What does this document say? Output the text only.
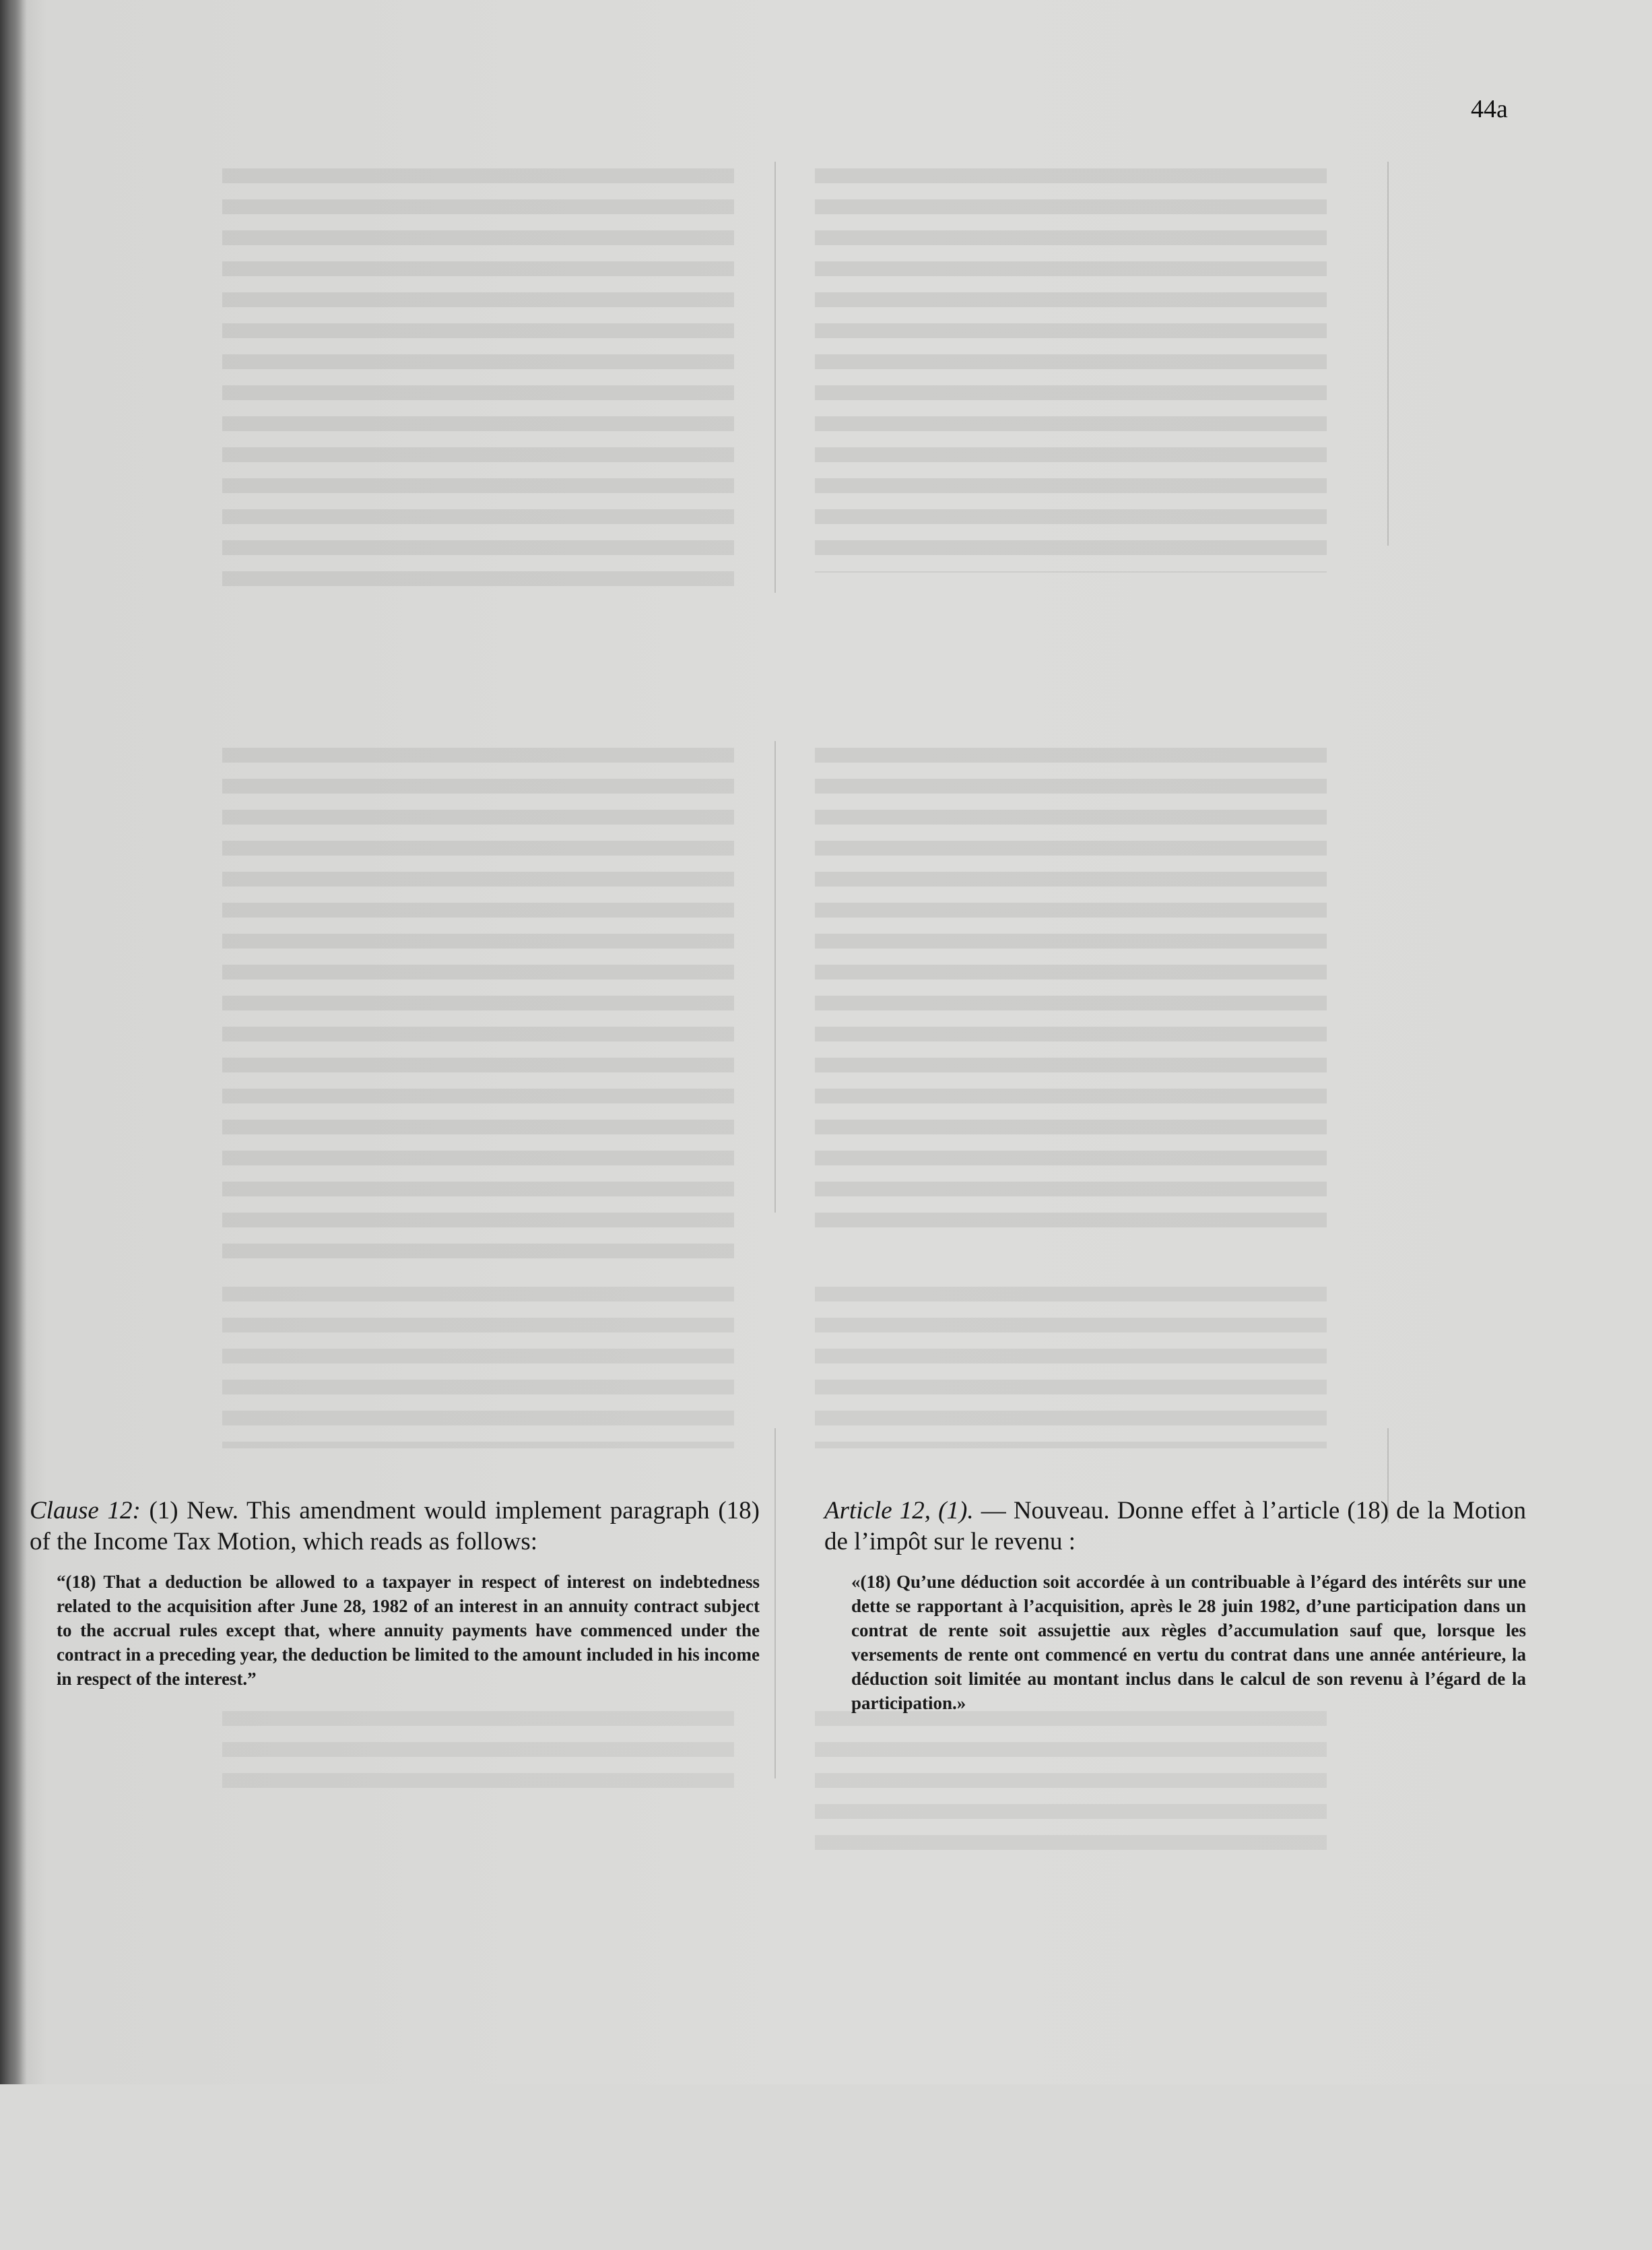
44a

Clause 12: (1) New. This amendment would implement paragraph (18) of the Income Tax Motion, which reads as follows:

“(18) That a deduction be allowed to a taxpayer in respect of interest on indebtedness related to the acquisition after June 28, 1982 of an interest in an annuity contract subject to the accrual rules except that, where annuity payments have commenced under the contract in a preceding year, the deduction be limited to the amount included in his income in respect of the interest.”

Article 12, (1). — Nouveau. Donne effet à l’article (18) de la Motion de l’impôt sur le revenu :

«(18) Qu’une déduction soit accordée à un contribuable à l’égard des intérêts sur une dette se rapportant à l’acquisition, après le 28 juin 1982, d’une participation dans un contrat de rente soit assujettie aux règles d’accumulation sauf que, lorsque les versements de rente ont commencé en vertu du contrat dans une année antérieure, la déduction soit limitée au montant inclus dans le calcul de son revenu à l’égard de la participation.»
